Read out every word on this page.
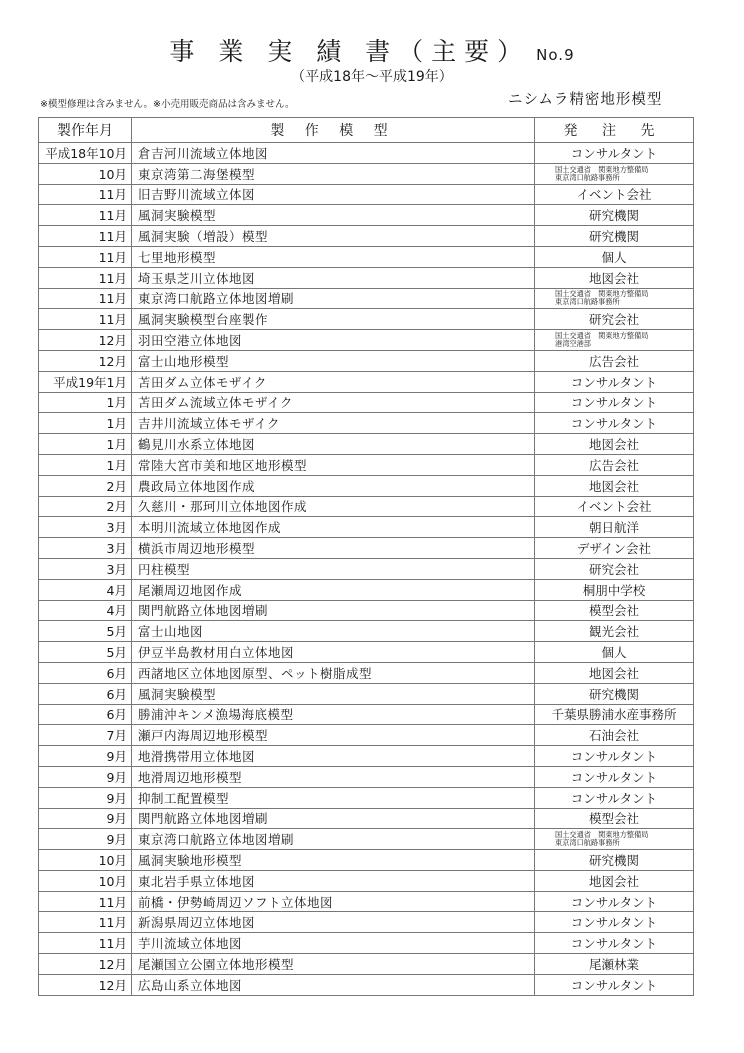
事 業 実 績 書（主要） No.9
（平成18年〜平成19年）
※模型修理は含みません。※小売用販売商品は含みません。	ニシムラ精密地形模型
製作年月	製 作 模 型	発 注 先
平成18年10月	倉吉河川流域立体地図	コンサルタント
10月	東京湾第二海堡模型	国土交通省　関東地方整備局
東京湾口航路事務所
11月	旧吉野川流域立体図	イベント会社
11月	風洞実験模型	研究機関
11月	風洞実験（増設）模型	研究機関
11月	七里地形模型	個人
11月	埼玉県芝川立体地図	地図会社
11月	東京湾口航路立体地図増刷	国土交通省　関東地方整備局
東京湾口航路事務所
11月	風洞実験模型台座製作	研究会社
12月	羽田空港立体地図	国土交通省　関東地方整備局
港湾空港部
12月	富士山地形模型	広告会社
平成19年1月	苫田ダム立体モザイク	コンサルタント
1月	苫田ダム流域立体モザイク	コンサルタント
1月	吉井川流域立体モザイク	コンサルタント
1月	鶴見川水系立体地図	地図会社
1月	常陸大宮市美和地区地形模型	広告会社
2月	農政局立体地図作成	地図会社
2月	久慈川・那珂川立体地図作成	イベント会社
3月	本明川流域立体地図作成	朝日航洋
3月	横浜市周辺地形模型	デザイン会社
3月	円柱模型	研究会社
4月	尾瀬周辺地図作成	桐朋中学校
4月	関門航路立体地図増刷	模型会社
5月	富士山地図	観光会社
5月	伊豆半島教材用白立体地図	個人
6月	西諸地区立体地図原型、ペット樹脂成型	地図会社
6月	風洞実験模型	研究機関
6月	勝浦沖キンメ漁場海底模型	千葉県勝浦水産事務所
7月	瀬戸内海周辺地形模型	石油会社
9月	地滑携帯用立体地図	コンサルタント
9月	地滑周辺地形模型	コンサルタント
9月	抑制工配置模型	コンサルタント
9月	関門航路立体地図増刷	模型会社
9月	東京湾口航路立体地図増刷	国土交通省　関東地方整備局
東京湾口航路事務所
10月	風洞実験地形模型	研究機関
10月	東北岩手県立体地図	地図会社
11月	前橋・伊勢崎周辺ソフト立体地図	コンサルタント
11月	新潟県周辺立体地図	コンサルタント
11月	芋川流域立体地図	コンサルタント
12月	尾瀬国立公園立体地形模型	尾瀬林業
12月	広島山系立体地図	コンサルタント
